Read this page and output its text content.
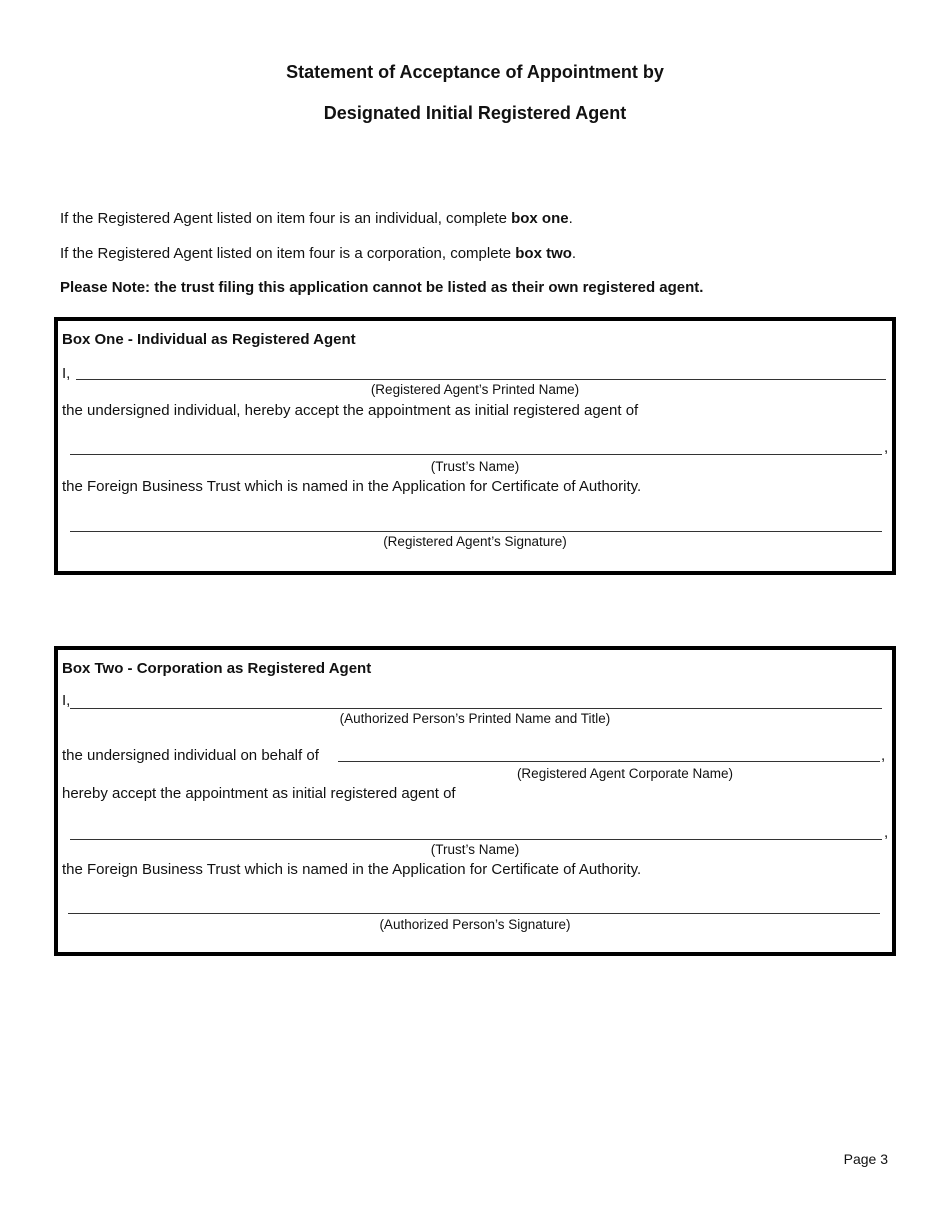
Statement of Acceptance of Appointment by
Designated Initial Registered Agent
If the Registered Agent listed on item four is an individual, complete box one.
If the Registered Agent listed on item four is a corporation, complete box two.
Please Note: the trust filing this application cannot be listed as their own registered agent.
Box One - Individual as Registered Agent
I,
(Registered Agent’s Printed Name)
the undersigned individual, hereby accept the appointment as initial registered agent of
,
(Trust’s Name)
the Foreign Business Trust which is named in the Application for Certificate of Authority.
(Registered Agent’s Signature)
Box Two - Corporation as Registered Agent
I,
(Authorized Person’s Printed Name and Title)
the undersigned individual on behalf of	,
(Registered Agent Corporate Name)
hereby accept the appointment as initial registered agent of
,
(Trust’s Name)
the Foreign Business Trust which is named in the Application for Certificate of Authority.
(Authorized Person’s Signature)
Page 3
